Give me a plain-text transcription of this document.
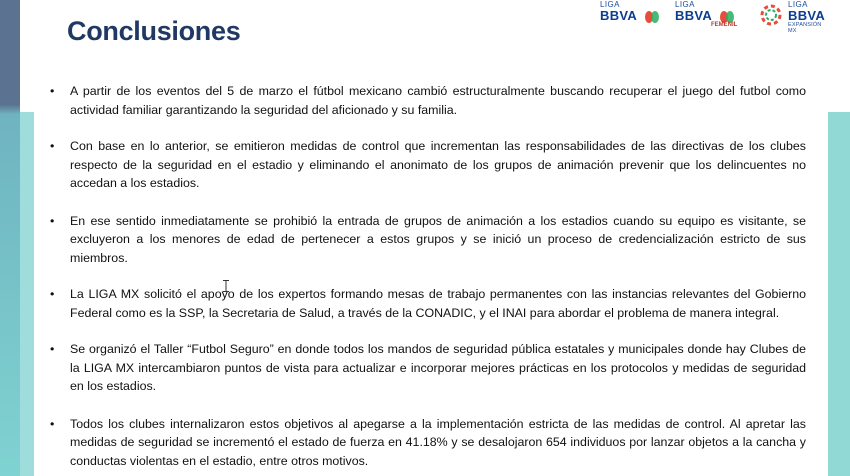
Conclusiones
LIGA
BBVA
LIGA
BBVA
FEMENIL
LIGA
BBVA
EXPANSIÓN MX
• A partir de los eventos del 5 de marzo el fútbol mexicano cambió estructuralmente buscando recuperar el juego del futbol como actividad familiar garantizando la seguridad del aficionado y su familia.
• Con base en lo anterior, se emitieron medidas de control que incrementan las responsabilidades de las directivas de los clubes respecto de la seguridad en el estadio y eliminando el anonimato de los grupos de animación prevenir que los delincuentes no accedan a los estadios.
• En ese sentido inmediatamente se prohibió la entrada de grupos de animación a los estadios cuando su equipo es visitante, se excluyeron a los menores de edad de pertenecer a estos grupos y se inició un proceso de credencialización estricto de sus miembros.
• La LIGA MX solicitó el apoyo de los expertos formando mesas de trabajo permanentes con las instancias relevantes del Gobierno Federal como es la SSP, la Secretaria de Salud, a través de la CONADIC, y el INAI para abordar el problema de manera integral.
• Se organizó el Taller “Futbol Seguro” en donde todos los mandos de seguridad pública estatales y municipales donde hay Clubes de la LIGA MX intercambiaron puntos de vista para actualizar e incorporar mejores prácticas en los protocolos y medidas de seguridad en los estadios.
• Todos los clubes internalizaron estos objetivos al apegarse a la implementación estricta de las medidas de control. Al apretar las medidas de seguridad se incrementó el estado de fuerza en 41.18% y se desalojaron 654 individuos por lanzar objetos a la cancha y conductas violentas en el estadio, entre otros motivos.
